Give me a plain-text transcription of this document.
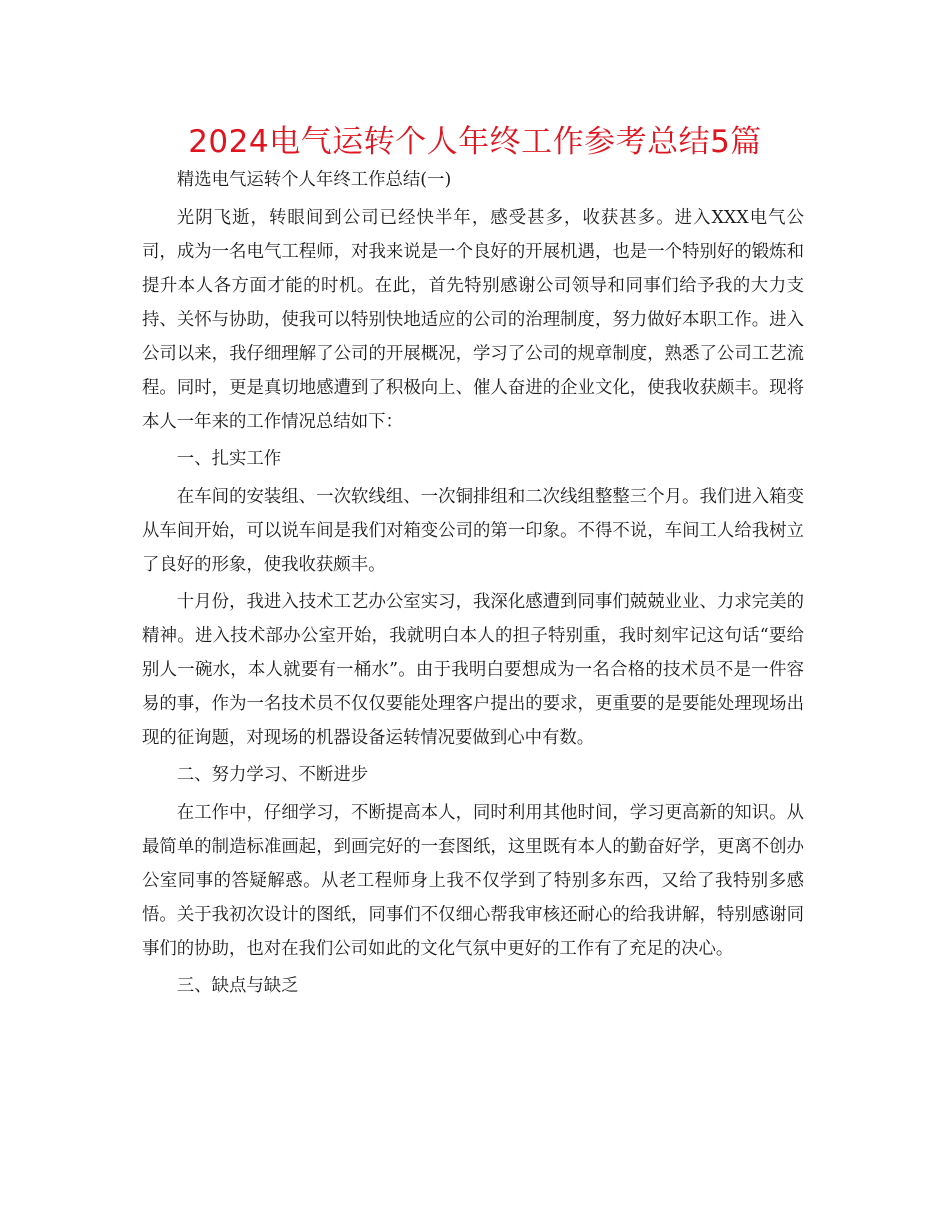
2024电气运转个人年终工作参考总结5篇

精选电气运转个人年终工作总结(一)

光阴飞逝，转眼间到公司已经快半年，感受甚多，收获甚多。进入XXX电气公司，成为一名电气工程师，对我来说是一个良好的开展机遇，也是一个特别好的锻炼和提升本人各方面才能的时机。在此，首先特别感谢公司领导和同事们给予我的大力支持、关怀与协助，使我可以特别快地适应的公司的治理制度，努力做好本职工作。进入公司以来，我仔细理解了公司的开展概况，学习了公司的规章制度，熟悉了公司工艺流程。同时，更是真切地感遭到了积极向上、催人奋进的企业文化，使我收获颇丰。现将本人一年来的工作情况总结如下：

一、扎实工作

在车间的安装组、一次软线组、一次铜排组和二次线组整整三个月。我们进入箱变从车间开始，可以说车间是我们对箱变公司的第一印象。不得不说，车间工人给我树立了良好的形象，使我收获颇丰。

十月份，我进入技术工艺办公室实习，我深化感遭到同事们兢兢业业、力求完美的精神。进入技术部办公室开始，我就明白本人的担子特别重，我时刻牢记这句话“要给别人一碗水，本人就要有一桶水”。由于我明白要想成为一名合格的技术员不是一件容易的事，作为一名技术员不仅仅要能处理客户提出的要求，更重要的是要能处理现场出现的征询题，对现场的机器设备运转情况要做到心中有数。

二、努力学习、不断进步

在工作中，仔细学习，不断提高本人，同时利用其他时间，学习更高新的知识。从最简单的制造标准画起，到画完好的一套图纸，这里既有本人的勤奋好学，更离不创办公室同事的答疑解惑。从老工程师身上我不仅学到了特别多东西，又给了我特别多感悟。关于我初次设计的图纸，同事们不仅细心帮我审核还耐心的给我讲解，特别感谢同事们的协助，也对在我们公司如此的文化气氛中更好的工作有了充足的决心。

三、缺点与缺乏
